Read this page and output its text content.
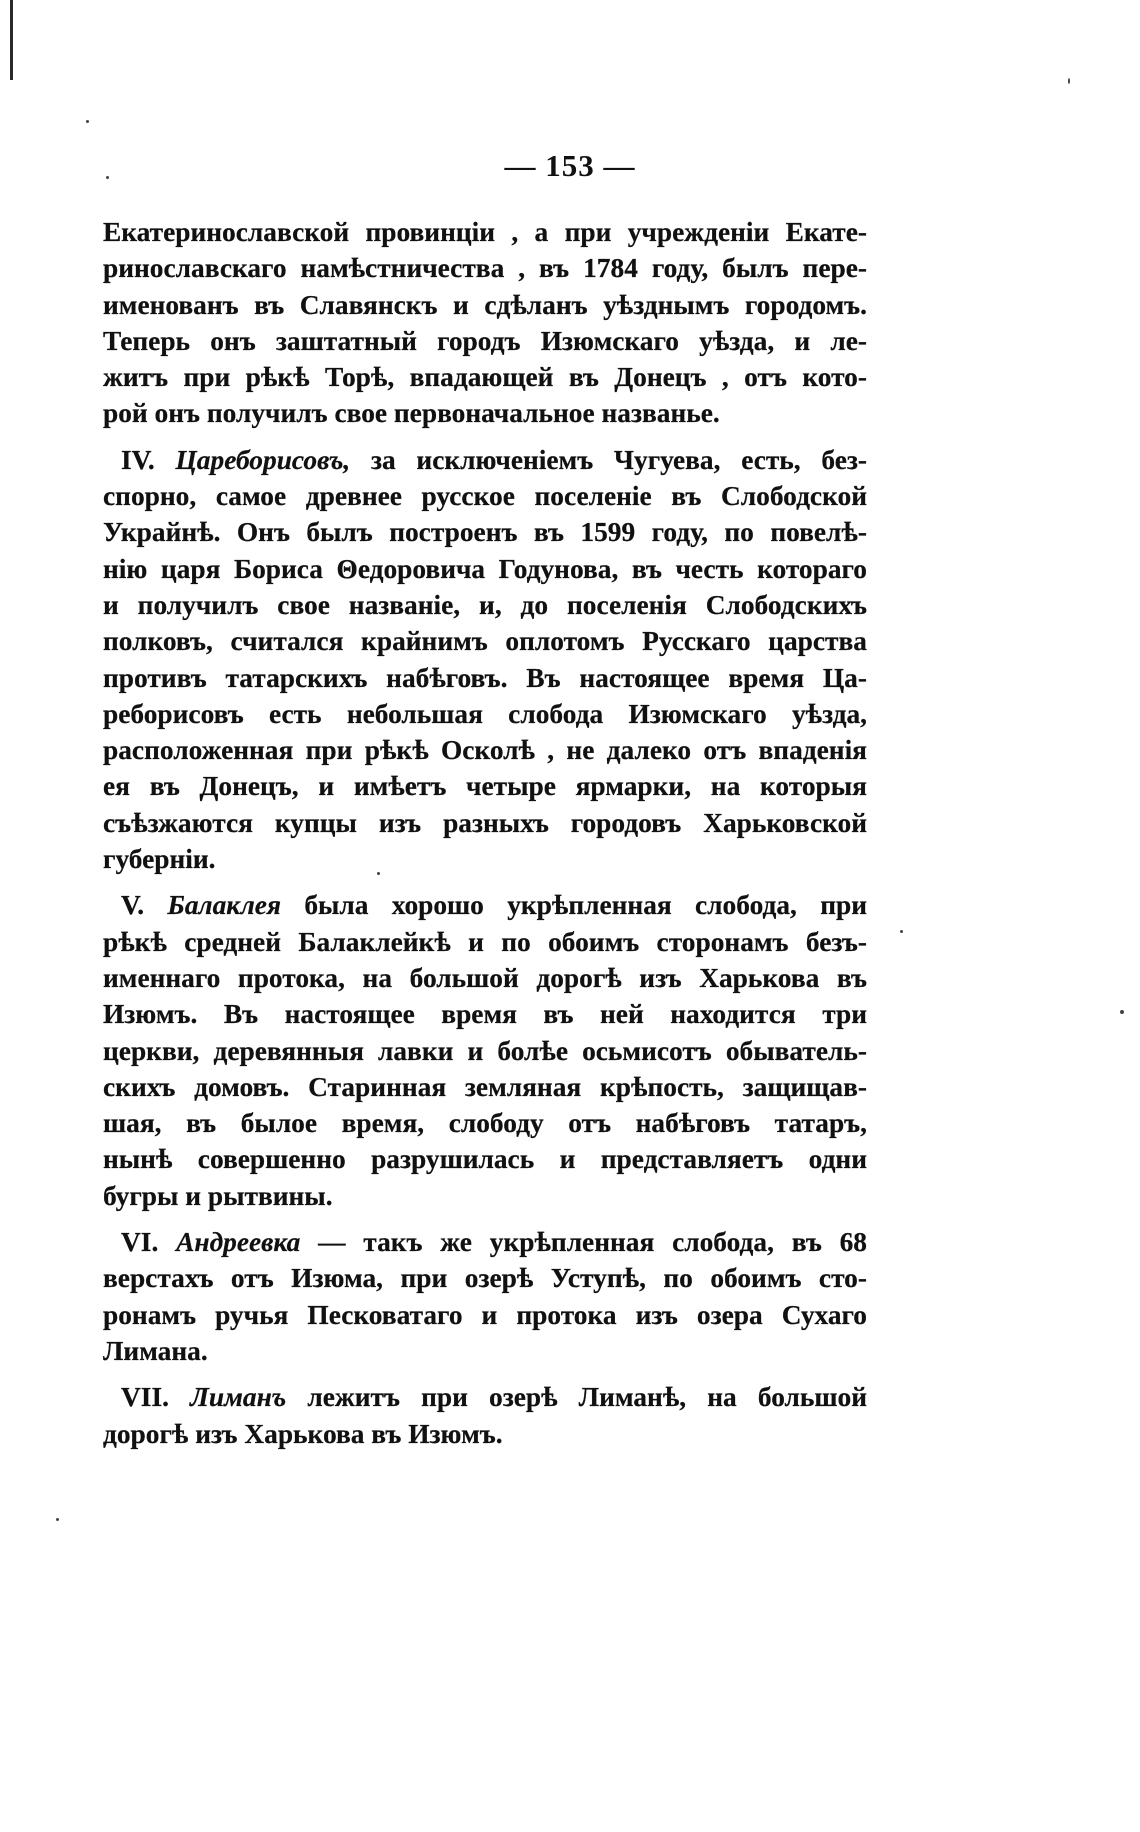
— 153 —
Екатеринославской провинціи , а при учрежденіи Екате-
ринославскаго намѣстничества , въ 1784 году, былъ пере-
именованъ въ Славянскъ и сдѣланъ уѣзднымъ городомъ.
Теперь онъ заштатный городъ Изюмскаго уѣзда, и ле-
житъ при рѣкѣ Торѣ, впадающей въ Донецъ , отъ кото-
рой онъ получилъ свое первоначальное названье.
IV. Цареборисовъ, за исключеніемъ Чугуева, есть, без-
спорно, самое древнее русское поселеніе въ Слободской
Украйнѣ. Онъ былъ построенъ въ 1599 году, по повелѣ-
нію царя Бориса Θедоровича Годунова, въ честь котораго
и получилъ свое названіе, и, до поселенія Слободскихъ
полковъ, считался крайнимъ оплотомъ Русскаго царства
противъ татарскихъ набѣговъ. Въ настоящее время Ца-
реборисовъ есть небольшая слобода Изюмскаго уѣзда,
расположенная при рѣкѣ Осколѣ , не далеко отъ впаденія
ея въ Донецъ, и имѣетъ четыре ярмарки, на которыя
съѣзжаются купцы изъ разныхъ городовъ Харьковской
губерніи.
V. Балаклея была хорошо укрѣпленная слобода, при
рѣкѣ средней Балаклейкѣ и по обоимъ сторонамъ безъ-
именнаго протока, на большой дорогѣ изъ Харькова въ
Изюмъ. Въ настоящее время въ ней находится три
церкви, деревянныя лавки и болѣе осьмисотъ обыватель-
скихъ домовъ. Старинная земляная крѣпость, защищав-
шая, въ былое время, слободу отъ набѣговъ татаръ,
нынѣ совершенно разрушилась и представляетъ одни
бугры и рытвины.
VI. Андреевка — такъ же укрѣпленная слобода, въ 68
верстахъ отъ Изюма, при озерѣ Уступѣ, по обоимъ сто-
ронамъ ручья Песковатаго и протока изъ озера Сухаго
Лимана.
VII. Лиманъ лежитъ при озерѣ Лиманѣ, на большой
дорогѣ изъ Харькова въ Изюмъ.
